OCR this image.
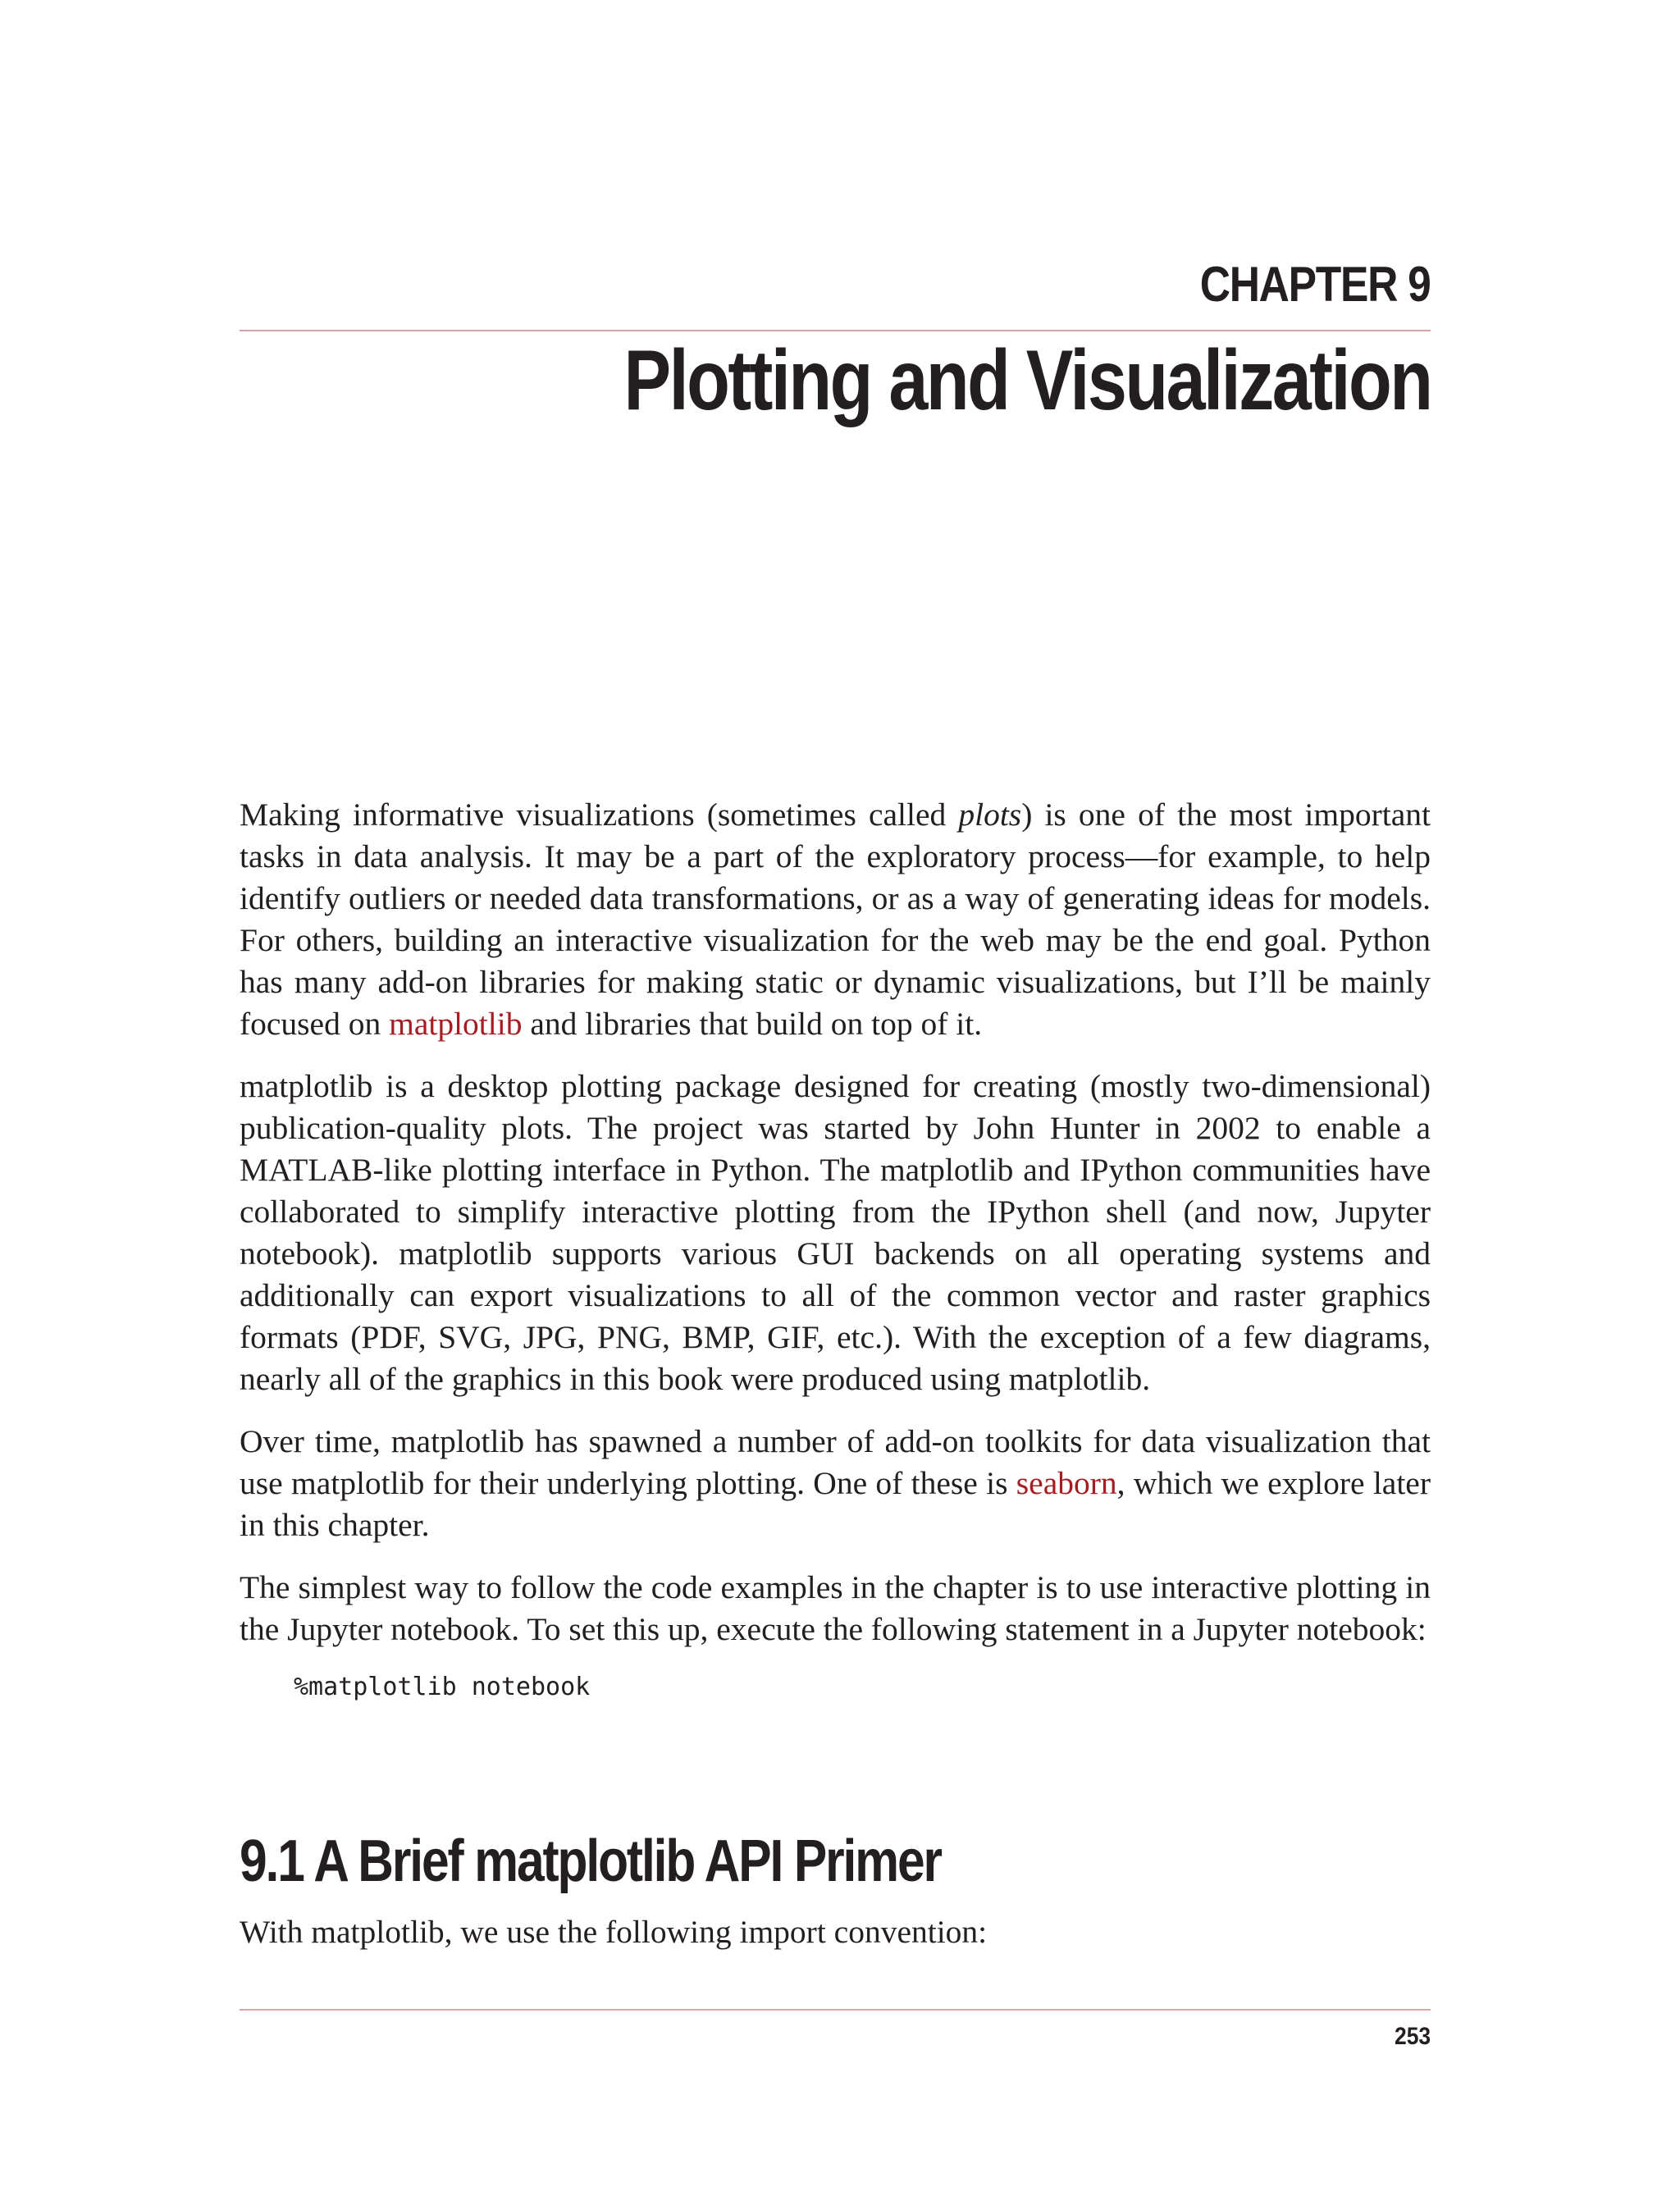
CHAPTER 9
Plotting and Visualization

Making informative visualizations (sometimes called plots) is one of the most important tasks in data analysis. It may be a part of the exploratory process—for example, to help identify outliers or needed data transformations, or as a way of generating ideas for models. For others, building an interactive visualization for the web may be the end goal. Python has many add-on libraries for making static or dynamic visualizations, but I’ll be mainly focused on matplotlib and libraries that build on top of it.

matplotlib is a desktop plotting package designed for creating (mostly two-dimensional) publication-quality plots. The project was started by John Hunter in 2002 to enable a MATLAB-like plotting interface in Python. The matplotlib and IPython communities have collaborated to simplify interactive plotting from the IPython shell (and now, Jupyter notebook). matplotlib supports various GUI backends on all operating systems and additionally can export visualizations to all of the common vector and raster graphics formats (PDF, SVG, JPG, PNG, BMP, GIF, etc.). With the exception of a few diagrams, nearly all of the graphics in this book were produced using matplotlib.

Over time, matplotlib has spawned a number of add-on toolkits for data visualization that use matplotlib for their underlying plotting. One of these is seaborn, which we explore later in this chapter.

The simplest way to follow the code examples in the chapter is to use interactive plotting in the Jupyter notebook. To set this up, execute the following statement in a Jupyter notebook:

%matplotlib notebook
9.1 A Brief matplotlib API Primer

With matplotlib, we use the following import convention:

253
